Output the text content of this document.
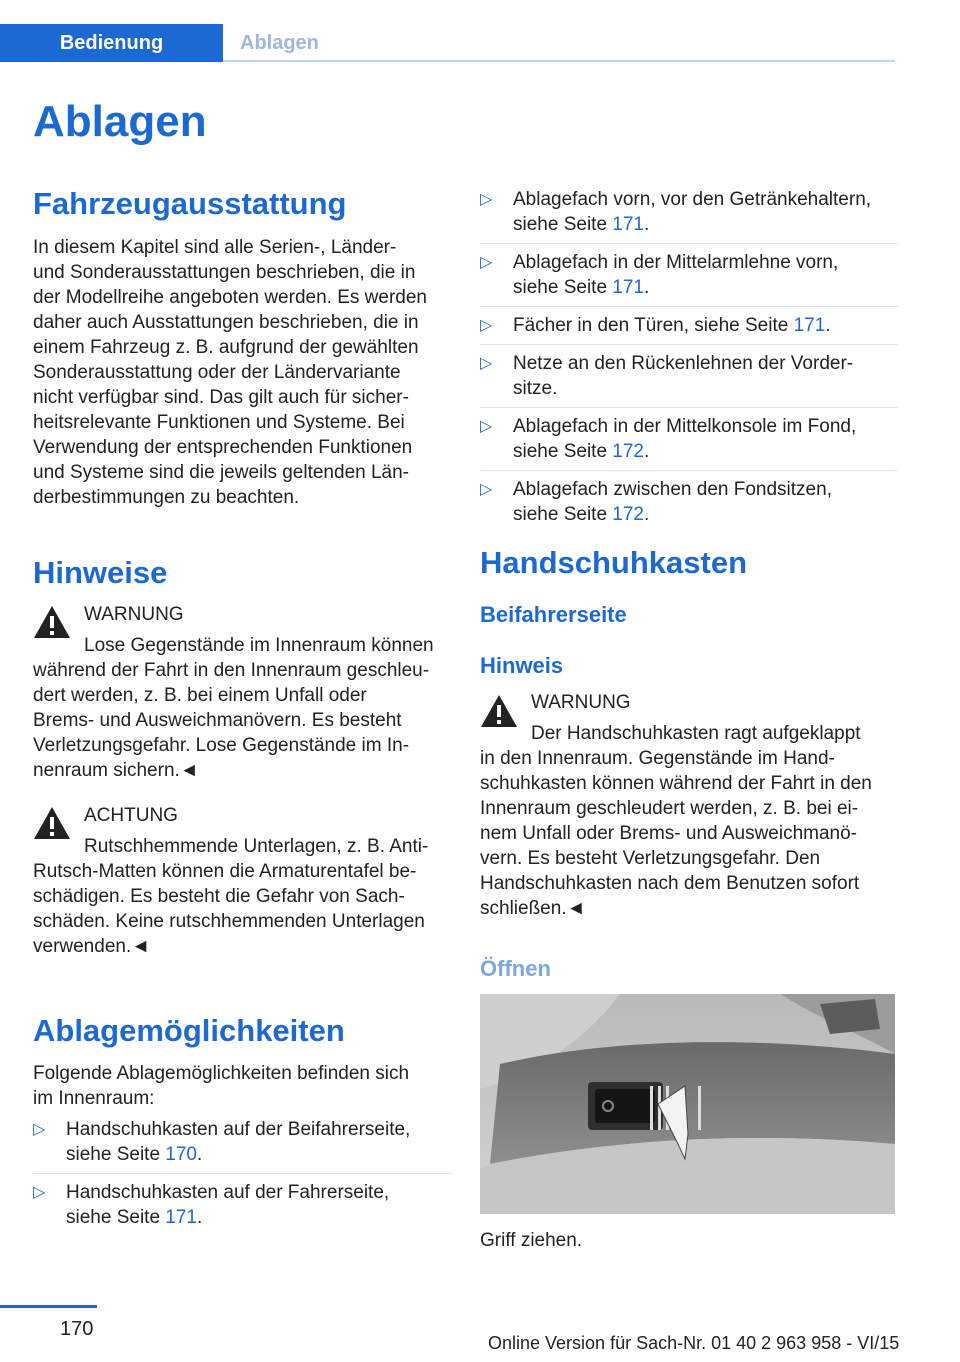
Bedienung	Ablagen
Ablagen
Fahrzeugausstattung
In diesem Kapitel sind alle Serien-, Länder-
und Sonderausstattungen beschrieben, die in
der Modellreihe angeboten werden. Es werden
daher auch Ausstattungen beschrieben, die in
einem Fahrzeug z. B. aufgrund der gewählten
Sonderausstattung oder der Ländervariante
nicht verfügbar sind. Das gilt auch für sicher-
heitsrelevante Funktionen und Systeme. Bei
Verwendung der entsprechenden Funktionen
und Systeme sind die jeweils geltenden Län-
derbestimmungen zu beachten.
Hinweise
WARNUNG
Lose Gegenstände im Innenraum können
während der Fahrt in den Innenraum geschleu-
dert werden, z. B. bei einem Unfall oder
Brems- und Ausweichmanövern. Es besteht
Verletzungsgefahr. Lose Gegenstände im In-
nenraum sichern.◄
ACHTUNG
Rutschhemmende Unterlagen, z. B. Anti-
Rutsch-Matten können die Armaturentafel be-
schädigen. Es besteht die Gefahr von Sach-
schäden. Keine rutschhemmenden Unterlagen
verwenden.◄
Ablagemöglichkeiten
Folgende Ablagemöglichkeiten befinden sich
im Innenraum:
▷ Handschuhkasten auf der Beifahrerseite,
siehe Seite 170.
▷ Handschuhkasten auf der Fahrerseite,
siehe Seite 171.
▷ Ablagefach vorn, vor den Getränkehaltern,
siehe Seite 171.
▷ Ablagefach in der Mittelarmlehne vorn,
siehe Seite 171.
▷ Fächer in den Türen, siehe Seite 171.
▷ Netze an den Rückenlehnen der Vorder-
sitze.
▷ Ablagefach in der Mittelkonsole im Fond,
siehe Seite 172.
▷ Ablagefach zwischen den Fondsitzen,
siehe Seite 172.
Handschuhkasten
Beifahrerseite
Hinweis
WARNUNG
Der Handschuhkasten ragt aufgeklappt
in den Innenraum. Gegenstände im Hand-
schuhkasten können während der Fahrt in den
Innenraum geschleudert werden, z. B. bei ei-
nem Unfall oder Brems- und Ausweichmanö-
vern. Es besteht Verletzungsgefahr. Den
Handschuhkasten nach dem Benutzen sofort
schließen.◄
Öffnen
Griff ziehen.
170
Online Version für Sach-Nr. 01 40 2 963 958 - VI/15
